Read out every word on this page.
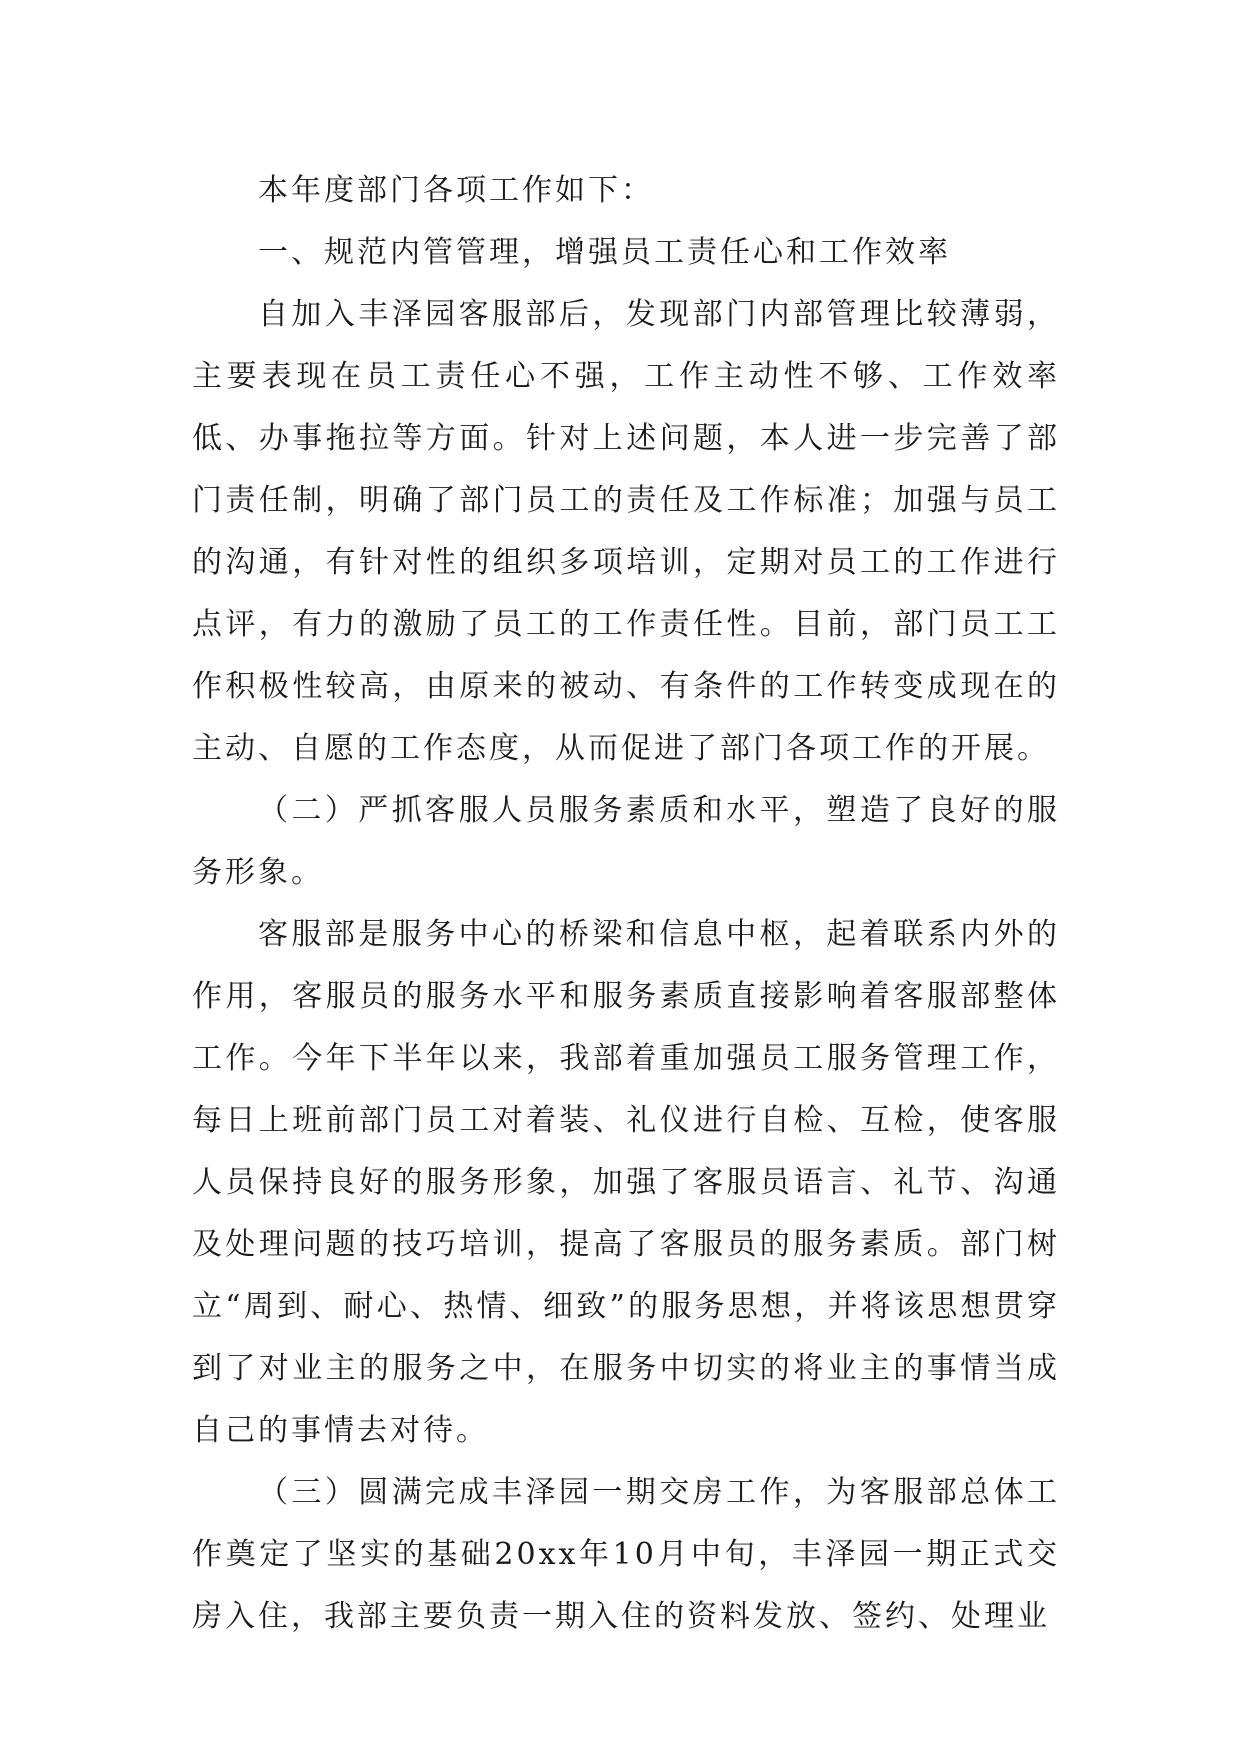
本年度部门各项工作如下：

一、规范内管管理，增强员工责任心和工作效率

自加入丰泽园客服部后，发现部门内部管理比较薄弱，主要表现在员工责任心不强，工作主动性不够、工作效率低、办事拖拉等方面。针对上述问题，本人进一步完善了部门责任制，明确了部门员工的责任及工作标准；加强与员工的沟通，有针对性的组织多项培训，定期对员工的工作进行点评，有力的激励了员工的工作责任性。目前，部门员工工作积极性较高，由原来的被动、有条件的工作转变成现在的主动、自愿的工作态度，从而促进了部门各项工作的开展。

（二）严抓客服人员服务素质和水平，塑造了良好的服务形象。

客服部是服务中心的桥梁和信息中枢，起着联系内外的作用，客服员的服务水平和服务素质直接影响着客服部整体工作。今年下半年以来，我部着重加强员工服务管理工作，每日上班前部门员工对着装、礼仪进行自检、互检，使客服人员保持良好的服务形象，加强了客服员语言、礼节、沟通及处理问题的技巧培训，提高了客服员的服务素质。部门树立“周到、耐心、热情、细致”的服务思想，并将该思想贯穿到了对业主的服务之中，在服务中切实的将业主的事情当成自己的事情去对待。

（三）圆满完成丰泽园一期交房工作，为客服部总体工作奠定了坚实的基础20xx年10月中旬，丰泽园一期正式交房入住，我部主要负责一期入住的资料发放、签约、处理业
